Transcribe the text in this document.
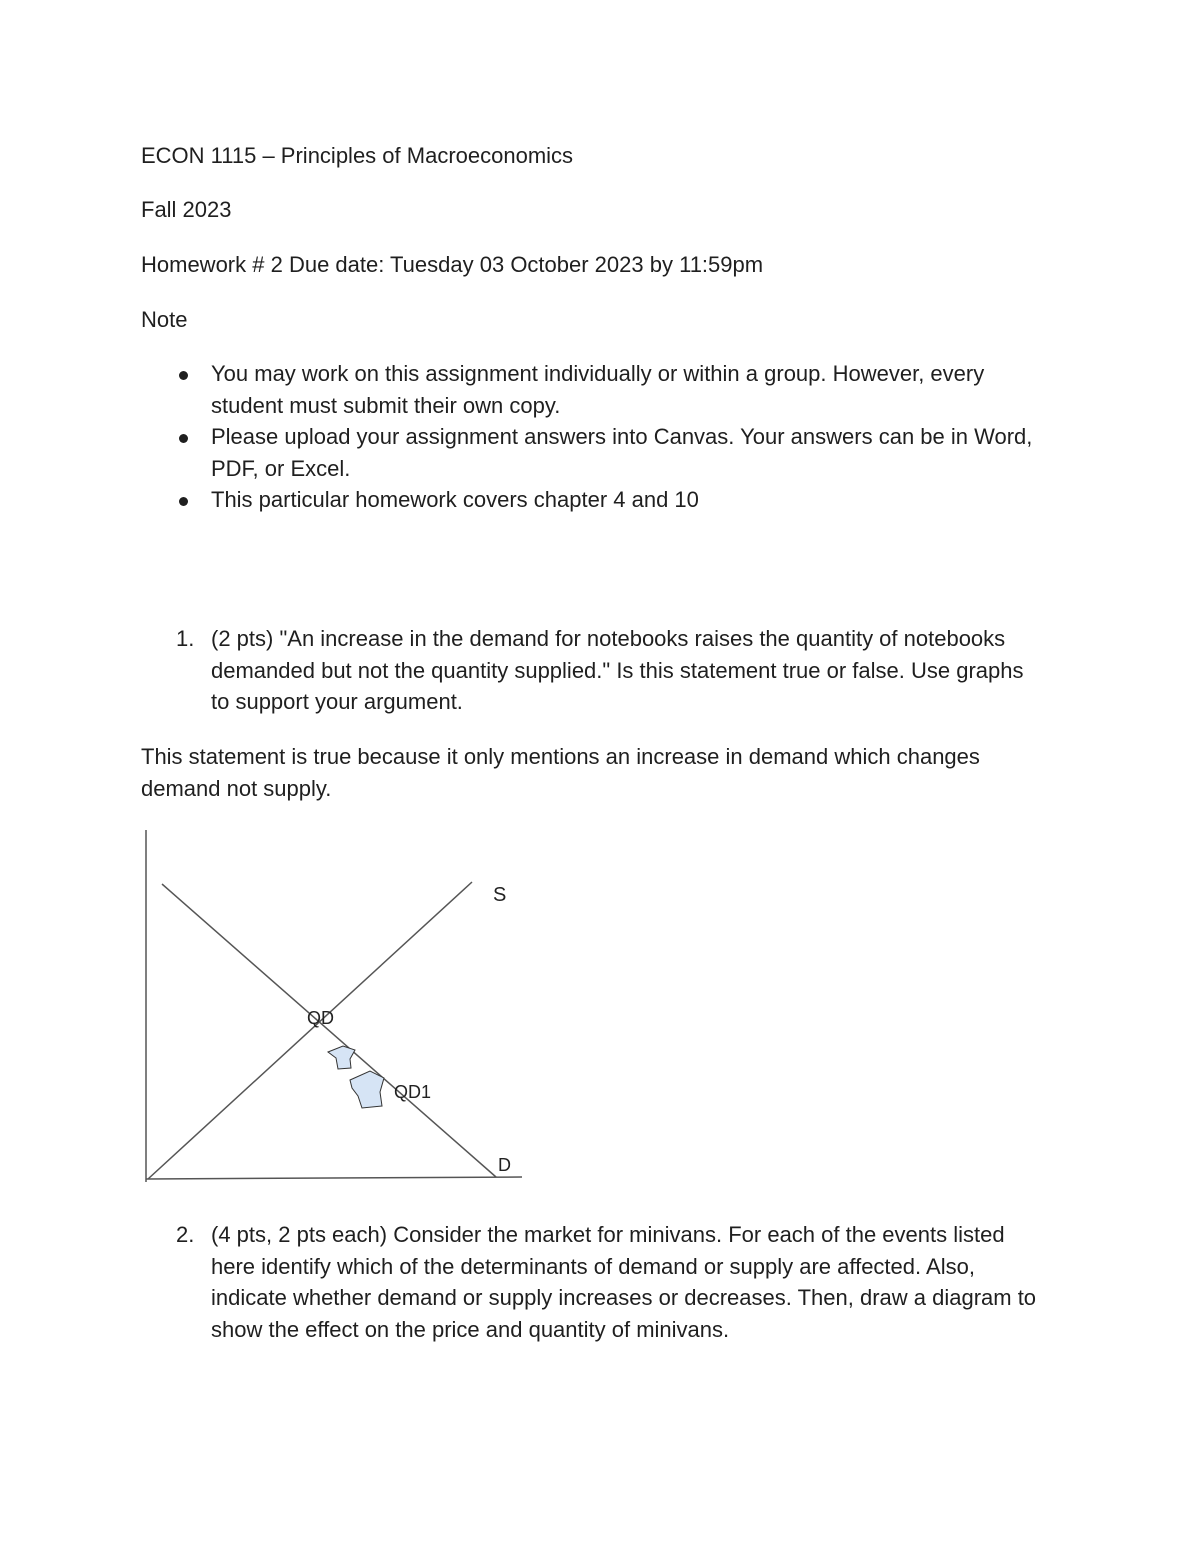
ECON 1115 – Principles of Macroeconomics
Fall 2023
Homework # 2 Due date: Tuesday 03 October 2023 by 11:59pm
Note
You may work on this assignment individually or within a group. However, every student must submit their own copy.
Please upload your assignment answers into Canvas. Your answers can be in Word, PDF, or Excel.
This particular homework covers chapter 4 and 10
1. (2 pts) "An increase in the demand for notebooks raises the quantity of notebooks demanded but not the quantity supplied." Is this statement true or false. Use graphs to support your argument.
This statement is true because it only mentions an increase in demand which changes demand not supply.
S
QD
QD1
D
2. (4 pts, 2 pts each) Consider the market for minivans. For each of the events listed here identify which of the determinants of demand or supply are affected. Also, indicate whether demand or supply increases or decreases. Then, draw a diagram to show the effect on the price and quantity of minivans.
